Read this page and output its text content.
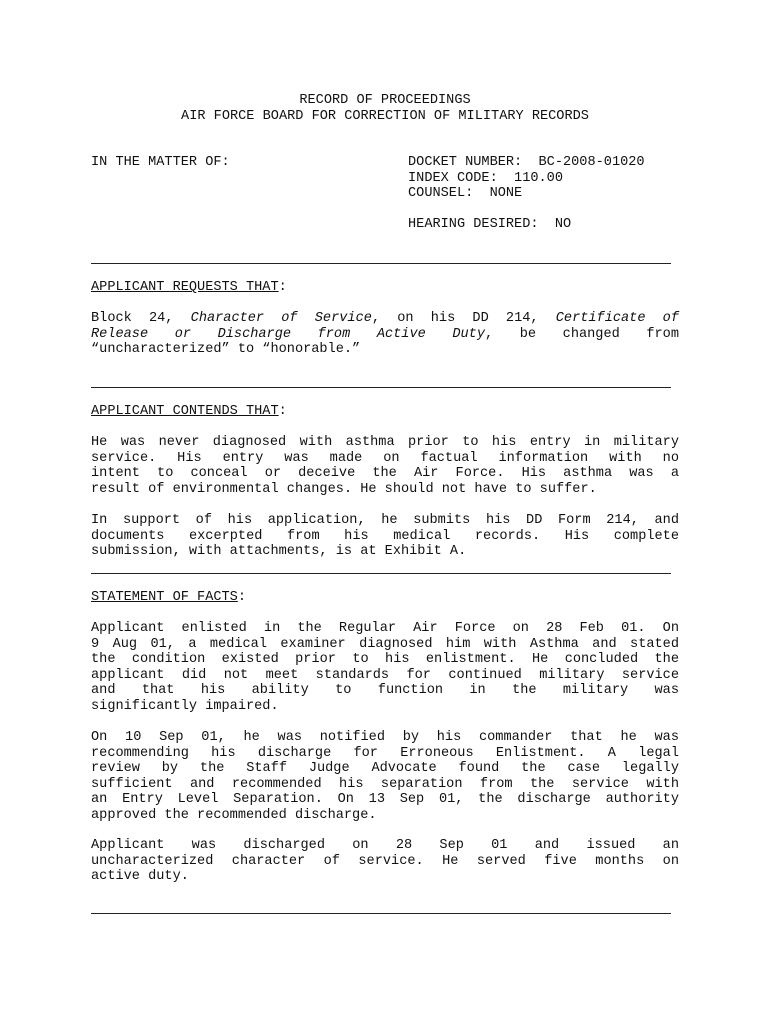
RECORD OF PROCEEDINGS
AIR FORCE BOARD FOR CORRECTION OF MILITARY RECORDS
IN THE MATTER OF:	DOCKET NUMBER:  BC-2008-01020
INDEX CODE:  110.00
COUNSEL:  NONE
HEARING DESIRED:  NO
APPLICANT REQUESTS THAT:
Block 24, Character of Service, on his DD 214, Certificate of
Release or Discharge from Active Duty, be changed from
“uncharacterized” to “honorable.”
APPLICANT CONTENDS THAT:
He was never diagnosed with asthma prior to his entry in military
service. His entry was made on factual information with no
intent to conceal or deceive the Air Force. His asthma was a
result of environmental changes. He should not have to suffer.
In support of his application, he submits his DD Form 214, and
documents excerpted from his medical records. His complete
submission, with attachments, is at Exhibit A.
STATEMENT OF FACTS:
Applicant enlisted in the Regular Air Force on 28 Feb 01. On
9 Aug 01, a medical examiner diagnosed him with Asthma and stated
the condition existed prior to his enlistment. He concluded the
applicant did not meet standards for continued military service
and that his ability to function in the military was
significantly impaired.
On 10 Sep 01, he was notified by his commander that he was
recommending his discharge for Erroneous Enlistment. A legal
review by the Staff Judge Advocate found the case legally
sufficient and recommended his separation from the service with
an Entry Level Separation. On 13 Sep 01, the discharge authority
approved the recommended discharge.
Applicant was discharged on 28 Sep 01 and issued an
uncharacterized character of service. He served five months on
active duty.
